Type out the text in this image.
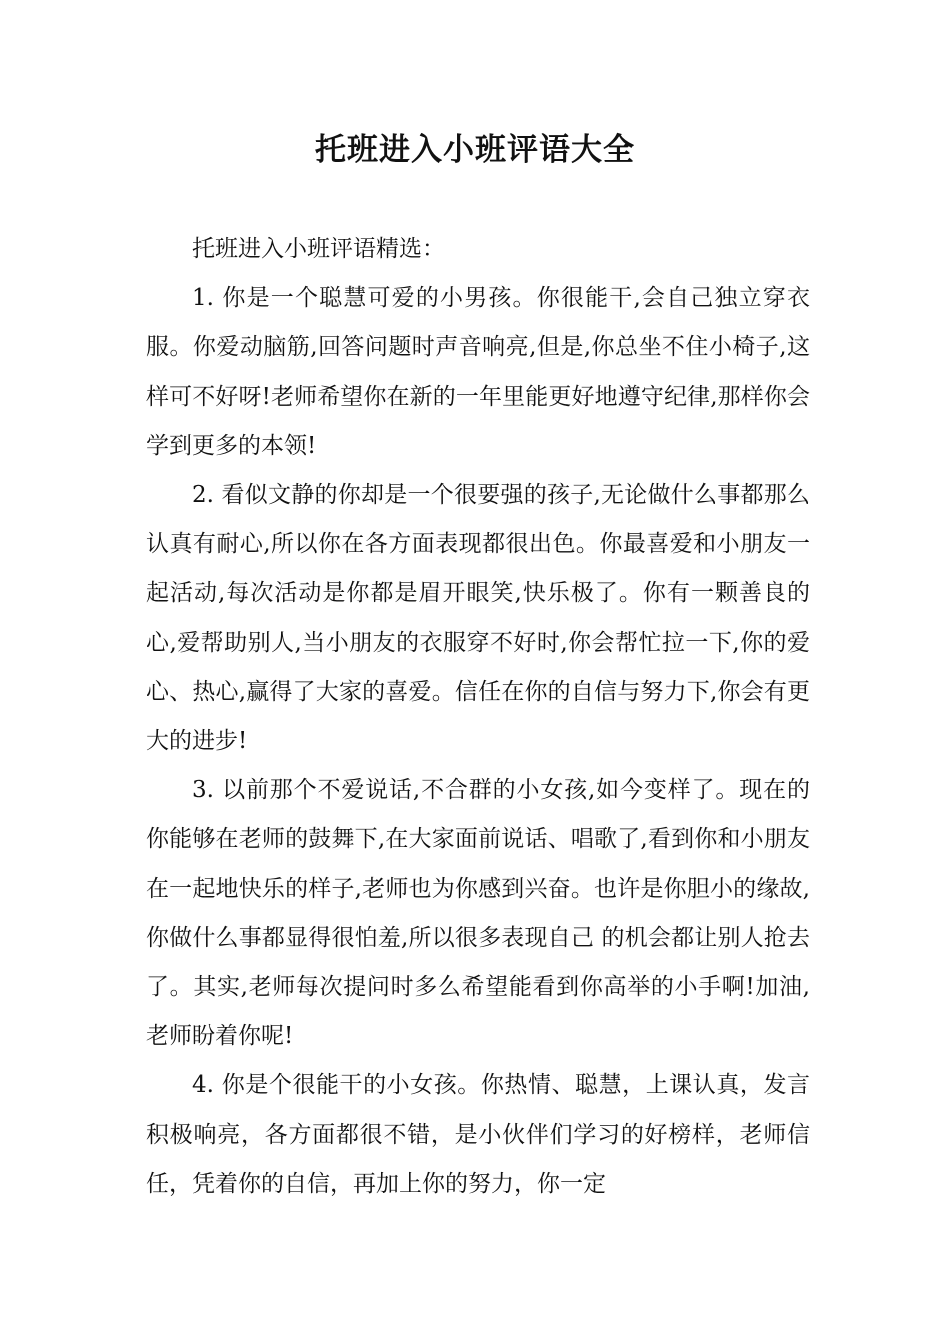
托班进入小班评语大全

托班进入小班评语精选：

1. 你是一个聪慧可爱的小男孩。你很能干,会自己独立穿衣服。你爱动脑筋,回答问题时声音响亮,但是,你总坐不住小椅子,这样可不好呀!老师希望你在新的一年里能更好地遵守纪律,那样你会学到更多的本领!

2. 看似文静的你却是一个很要强的孩子,无论做什么事都那么认真有耐心,所以你在各方面表现都很出色。你最喜爱和小朋友一起活动,每次活动是你都是眉开眼笑,快乐极了。你有一颗善良的心,爱帮助别人,当小朋友的衣服穿不好时,你会帮忙拉一下,你的爱心、热心,赢得了大家的喜爱。信任在你的自信与努力下,你会有更大的进步!

3. 以前那个不爱说话,不合群的小女孩,如今变样了。现在的你能够在老师的鼓舞下,在大家面前说话、唱歌了,看到你和小朋友在一起地快乐的样子,老师也为你感到兴奋。也许是你胆小的缘故,你做什么事都显得很怕羞,所以很多表现自己 的机会都让别人抢去了。其实,老师每次提问时多么希望能看到你高举的小手啊!加油,老师盼着你呢!

4. 你是个很能干的小女孩。你热情、聪慧，上课认真，发言积极响亮，各方面都很不错，是小伙伴们学习的好榜样，老师信任，凭着你的自信，再加上你的努力，你一定
